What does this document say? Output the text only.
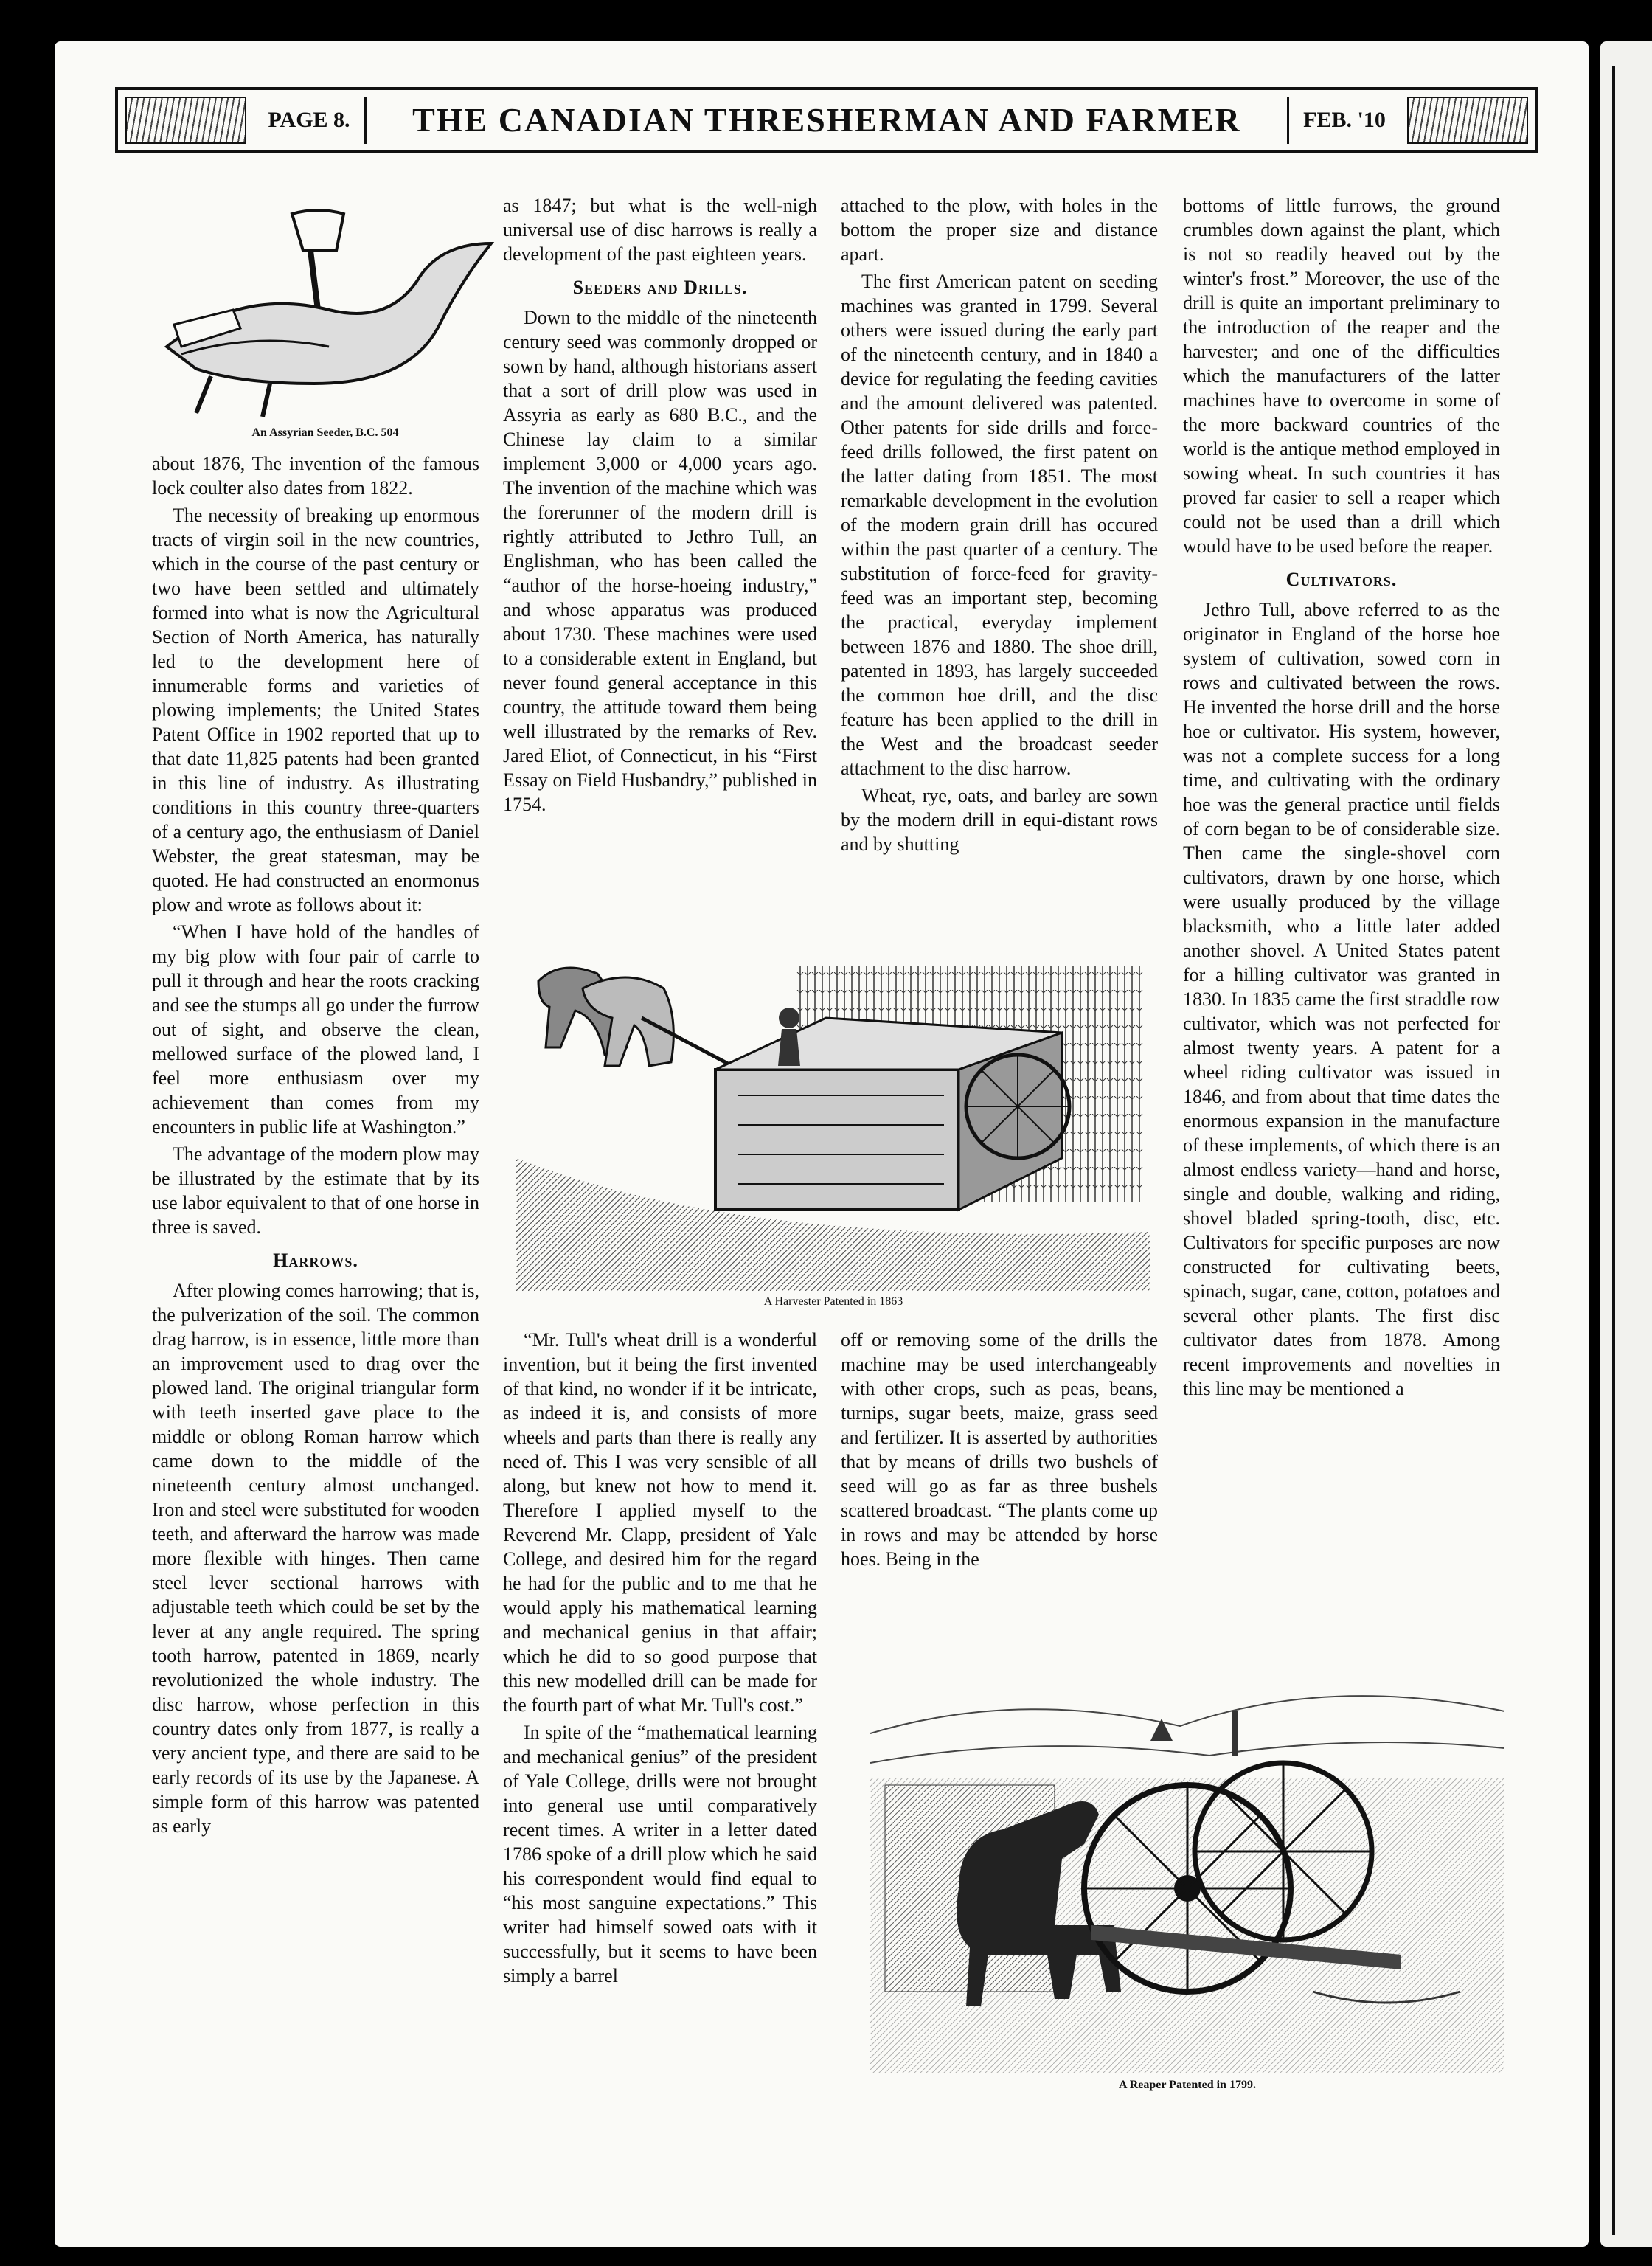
PAGE 8.	THE CANADIAN THRESHERMAN AND FARMER	FEB. '10
An Assyrian Seeder, B.C. 504

about 1876, The invention of the famous lock coulter also dates from 1822.

The necessity of breaking up enormous tracts of virgin soil in the new countries, which in the course of the past century or two have been settled and ultimately formed into what is now the Agricultural Section of North America, has naturally led to the development here of innumerable forms and varieties of plowing implements; the United States Patent Office in 1902 reported that up to that date 11,825 patents had been granted in this line of industry. As illustrating conditions in this country three-quarters of a century ago, the enthusiasm of Daniel Webster, the great statesman, may be quoted. He had constructed an enormonus plow and wrote as follows about it:

“When I have hold of the handles of my big plow with four pair of carrle to pull it through and hear the roots cracking and see the stumps all go under the furrow out of sight, and observe the clean, mellowed surface of the plowed land, I feel more enthusiasm over my achievement than comes from my encounters in public life at Washington.”

The advantage of the modern plow may be illustrated by the estimate that by its use labor equivalent to that of one horse in three is saved.

Harrows.

After plowing comes harrowing; that is, the pulverization of the soil. The common drag harrow, is in essence, little more than an improvement used to drag over the plowed land. The original triangular form with teeth inserted gave place to the middle or oblong Roman harrow which came down to the middle of the nineteenth century almost unchanged. Iron and steel were substituted for wooden teeth, and afterward the harrow was made more flexible with hinges. Then came steel lever sectional harrows with adjustable teeth which could be set by the lever at any angle required. The spring tooth harrow, patented in 1869, nearly revolutionized the whole industry. The disc harrow, whose perfection in this country dates only from 1877, is really a very ancient type, and there are said to be early records of its use by the Japanese. A simple form of this harrow was patented as early

as 1847; but what is the well-nigh universal use of disc harrows is really a development of the past eighteen years.

Seeders and Drills.

Down to the middle of the nineteenth century seed was commonly dropped or sown by hand, although historians assert that a sort of drill plow was used in Assyria as early as 680 B.C., and the Chinese lay claim to a similar implement 3,000 or 4,000 years ago. The invention of the machine which was the forerunner of the modern drill is rightly attributed to Jethro Tull, an Englishman, who has been called the “author of the horse-hoeing industry,” and whose apparatus was produced about 1730. These machines were used to a considerable extent in England, but never found general acceptance in this country, the attitude toward them being well illustrated by the remarks of Rev. Jared Eliot, of Connecticut, in his “First Essay on Field Husbandry,” published in 1754.

attached to the plow, with holes in the bottom the proper size and distance apart.

The first American patent on seeding machines was granted in 1799. Several others were issued during the early part of the nineteenth century, and in 1840 a device for regulating the feeding cavities and the amount delivered was patented. Other patents for side drills and force-feed drills followed, the first patent on the latter dating from 1851. The most remarkable development in the evolution of the modern grain drill has occured within the past quarter of a century. The substitution of force-feed for gravity-feed was an important step, becoming the practical, everyday implement between 1876 and 1880. The shoe drill, patented in 1893, has largely succeeded the common hoe drill, and the disc feature has been applied to the drill in the West and the broadcast seeder attachment to the disc harrow.

Wheat, rye, oats, and barley are sown by the modern drill in equi-distant rows and by shutting

A Harvester Patented in 1863

“Mr. Tull's wheat drill is a wonderful invention, but it being the first invented of that kind, no wonder if it be intricate, as indeed it is, and consists of more wheels and parts than there is really any need of. This I was very sensible of all along, but knew not how to mend it. Therefore I applied myself to the Reverend Mr. Clapp, president of Yale College, and desired him for the regard he had for the public and to me that he would apply his mathematical learning and mechanical genius in that affair; which he did to so good purpose that this new modelled drill can be made for the fourth part of what Mr. Tull's cost.”

In spite of the “mathematical learning and mechanical genius” of the president of Yale College, drills were not brought into general use until comparatively recent times. A writer in a letter dated 1786 spoke of a drill plow which he said his correspondent would find equal to “his most sanguine expectations.” This writer had himself sowed oats with it successfully, but it seems to have been simply a barrel

off or removing some of the drills the machine may be used interchangeably with other crops, such as peas, beans, turnips, sugar beets, maize, grass seed and fertilizer. It is asserted by authorities that by means of drills two bushels of seed will go as far as three bushels scattered broadcast. “The plants come up in rows and may be attended by horse hoes. Being in the

bottoms of little furrows, the ground crumbles down against the plant, which is not so readily heaved out by the winter's frost.” Moreover, the use of the drill is quite an important preliminary to the introduction of the reaper and the harvester; and one of the difficulties which the manufacturers of the latter machines have to overcome in some of the more backward countries of the world is the antique method employed in sowing wheat. In such countries it has proved far easier to sell a reaper which could not be used than a drill which would have to be used before the reaper.

Cultivators.

Jethro Tull, above referred to as the originator in England of the horse hoe system of cultivation, sowed corn in rows and cultivated between the rows. He invented the horse drill and the horse hoe or cultivator. His system, however, was not a complete success for a long time, and cultivating with the ordinary hoe was the general practice until fields of corn began to be of considerable size. Then came the single-shovel corn cultivators, drawn by one horse, which were usually produced by the village blacksmith, who a little later added another shovel. A United States patent for a hilling cultivator was granted in 1830. In 1835 came the first straddle row cultivator, which was not perfected for almost twenty years. A patent for a wheel riding cultivator was issued in 1846, and from about that time dates the enormous expansion in the manufacture of these implements, of which there is an almost endless variety—hand and horse, single and double, walking and riding, shovel bladed spring-tooth, disc, etc. Cultivators for specific purposes are now constructed for cultivating beets, spinach, sugar, cane, cotton, potatoes and several other plants. The first disc cultivator dates from 1878. Among recent improvements and novelties in this line may be mentioned a

A Reaper Patented in 1799.
